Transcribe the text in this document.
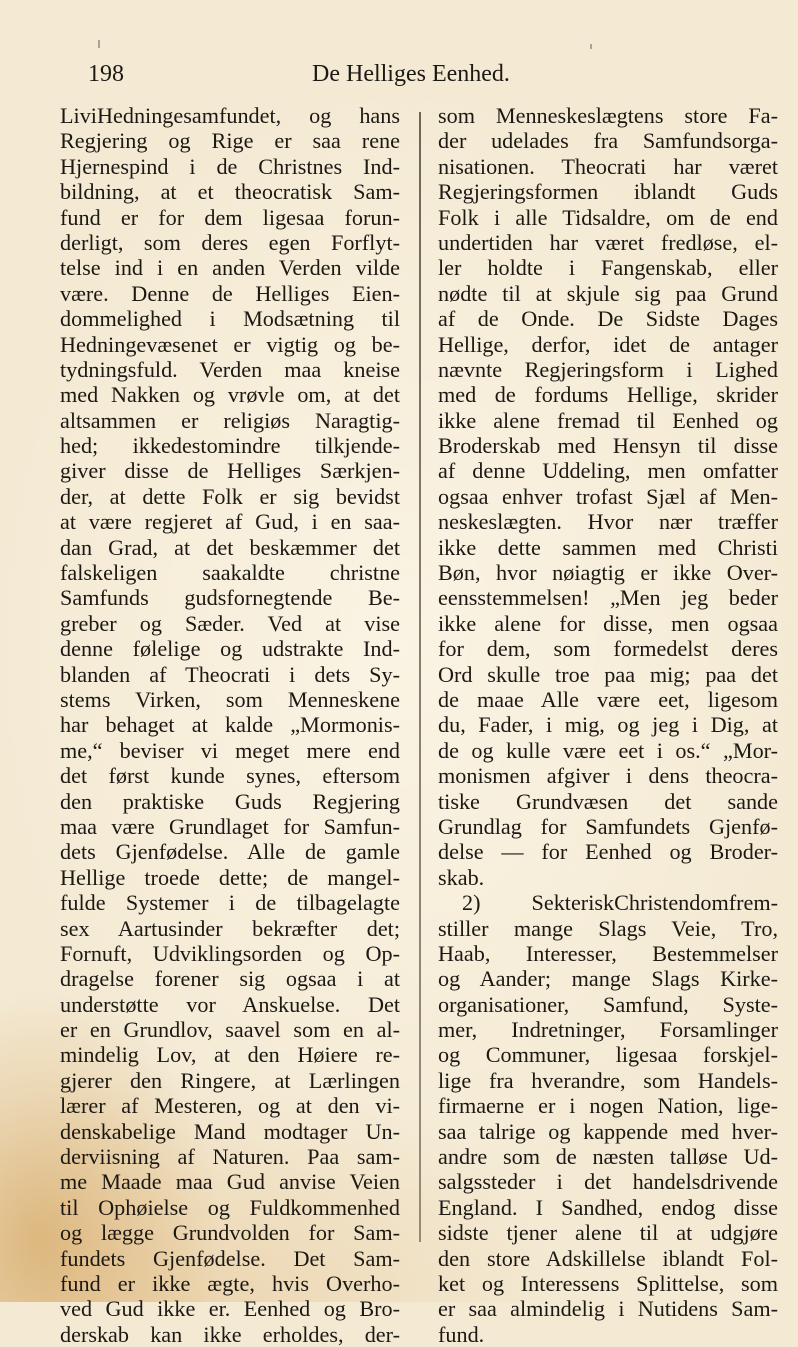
198	De Helliges Eenhed.
LiviHedningesamfundet, og hans
Regjering og Rige er saa rene
Hjernespind i de Christnes Ind-
bildning, at et theocratisk Sam-
fund er for dem ligesaa forun-
derligt, som deres egen Forflyt-
telse ind i en anden Verden vilde
være. Denne de Helliges Eien-
dommelighed i Modsætning til
Hedningevæsenet er vigtig og be-
tydningsfuld. Verden maa kneise
med Nakken og vrøvle om, at det
altsammen er religiøs Naragtig-
hed; ikkedestomindre tilkjende-
giver disse de Helliges Særkjen-
der, at dette Folk er sig bevidst
at være regjeret af Gud, i en saa-
dan Grad, at det beskæmmer det
falskeligen saakaldte christne
Samfunds gudsfornegtende Be-
greber og Sæder. Ved at vise
denne følelige og udstrakte Ind-
blanden af Theocrati i dets Sy-
stems Virken, som Menneskene
har behaget at kalde „Mormonis-
me,“ beviser vi meget mere end
det først kunde synes, eftersom
den praktiske Guds Regjering
maa være Grundlaget for Samfun-
dets Gjenfødelse. Alle de gamle
Hellige troede dette; de mangel-
fulde Systemer i de tilbagelagte
sex Aartusinder bekræfter det;
Fornuft, Udviklingsorden og Op-
dragelse forener sig ogsaa i at
understøtte vor Anskuelse. Det
er en Grundlov, saavel som en al-
mindelig Lov, at den Høiere re-
gjerer den Ringere, at Lærlingen
lærer af Mesteren, og at den vi-
denskabelige Mand modtager Un-
derviisning af Naturen. Paa sam-
me Maade maa Gud anvise Veien
til Ophøielse og Fuldkommenhed
og lægge Grundvolden for Sam-
fundets Gjenfødelse. Det Sam-
fund er ikke ægte, hvis Overho-
ved Gud ikke er. Eenhed og Bro-
derskab kan ikke erholdes, der-
som Menneskeslægtens store Fa-
der udelades fra Samfundsorga-
nisationen. Theocrati har været
Regjeringsformen iblandt Guds
Folk i alle Tidsaldre, om de end
undertiden har været fredløse, el-
ler holdte i Fangenskab, eller
nødte til at skjule sig paa Grund
af de Onde. De Sidste Dages
Hellige, derfor, idet de antager
nævnte Regjeringsform i Lighed
med de fordums Hellige, skrider
ikke alene fremad til Eenhed og
Broderskab med Hensyn til disse
af denne Uddeling, men omfatter
ogsaa enhver trofast Sjæl af Men-
neskeslægten. Hvor nær træffer
ikke dette sammen med Christi
Bøn, hvor nøiagtig er ikke Over-
eensstemmelsen! „Men jeg beder
ikke alene for disse, men ogsaa
for dem, som formedelst deres
Ord skulle troe paa mig; paa det
de maae Alle være eet, ligesom
du, Fader, i mig, og jeg i Dig, at
de og kulle være eet i os.“ „Mor-
monismen afgiver i dens theocra-
tiske Grundvæsen det sande
Grundlag for Samfundets Gjenfø-
delse — for Eenhed og Broder-
skab.
2) SekteriskChristendomfrem-
stiller mange Slags Veie, Tro,
Haab, Interesser, Bestemmelser
og Aander; mange Slags Kirke-
organisationer, Samfund, Syste-
mer, Indretninger, Forsamlinger
og Communer, ligesaa forskjel-
lige fra hverandre, som Handels-
firmaerne er i nogen Nation, lige-
saa talrige og kappende med hver-
andre som de næsten talløse Ud-
salgssteder i det handelsdrivende
England. I Sandhed, endog disse
sidste tjener alene til at udgjøre
den store Adskillelse iblandt Fol-
ket og Interessens Splittelse, som
er saa almindelig i Nutidens Sam-
fund.
